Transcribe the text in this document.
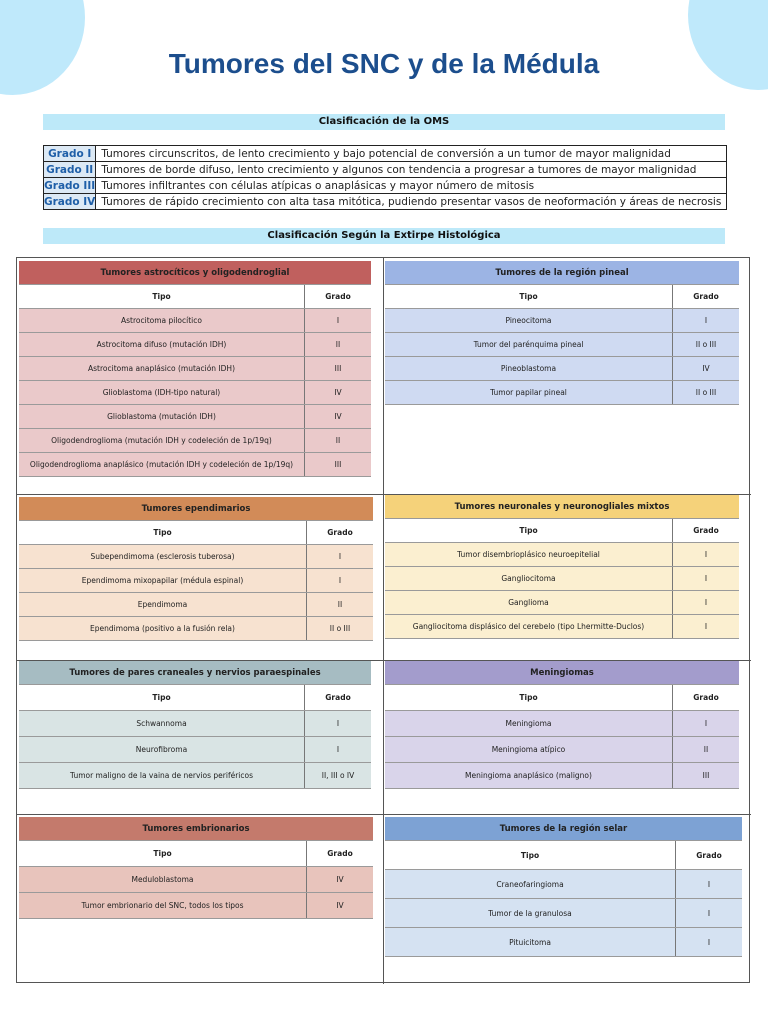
Tumores del SNC y de la Médula
Clasificación de la OMS
Grado I	Tumores circunscritos, de lento crecimiento y bajo potencial de conversión a un tumor de mayor malignidad
Grado II	Tumores de borde difuso, lento crecimiento y algunos con tendencia a progresar a tumores de mayor malignidad
Grado III	Tumores infiltrantes con células atípicas o anaplásicas y mayor número de mitosis
Grado IV	Tumores de rápido crecimiento con alta tasa mitótica, pudiendo presentar vasos de neoformación y áreas de necrosis
Clasificación Según la Extirpe Histológica
Tumores astrocíticos y oligodendroglial
Tipo	Grado
Astrocitoma pilocítico	I
Astrocitoma difuso (mutación IDH)	II
Astrocitoma anaplásico (mutación IDH)	III
Glioblastoma (IDH-tipo natural)	IV
Glioblastoma (mutación IDH)	IV
Oligodendroglioma (mutación IDH y codeleción de 1p/19q)	II
Oligodendroglioma anaplásico (mutación IDH y codeleción de 1p/19q)	III
Tumores de la región pineal
Tipo	Grado
Pineocitoma	I
Tumor del parénquima pineal	II o III
Pineoblastoma	IV
Tumor papilar pineal	II o III
Tumores ependimarios
Tipo	Grado
Subependimoma (esclerosis tuberosa)	I
Ependimoma mixopapilar (médula espinal)	I
Ependimoma	II
Ependimoma (positivo a la fusión rela)	II o III
Tumores neuronales y neuronogliales mixtos
Tipo	Grado
Tumor disembrioplásico neuroepitelial	I
Gangliocitoma	I
Ganglioma	I
Gangliocitoma displásico del cerebelo (tipo Lhermitte-Duclos)	I
Tumores de pares craneales y nervios paraespinales
Tipo	Grado
Schwannoma	I
Neurofibroma	I
Tumor maligno de la vaina de nervios periféricos	II, III o IV
Meningiomas
Tipo	Grado
Meningioma	I
Meningioma atípico	II
Meningioma anaplásico (maligno)	III
Tumores embrionarios
Tipo	Grado
Meduloblastoma	IV
Tumor embrionario del SNC, todos los tipos	IV
Tumores de la región selar
Tipo	Grado
Craneofaringioma	I
Tumor de la granulosa	I
Pituicitoma	I
